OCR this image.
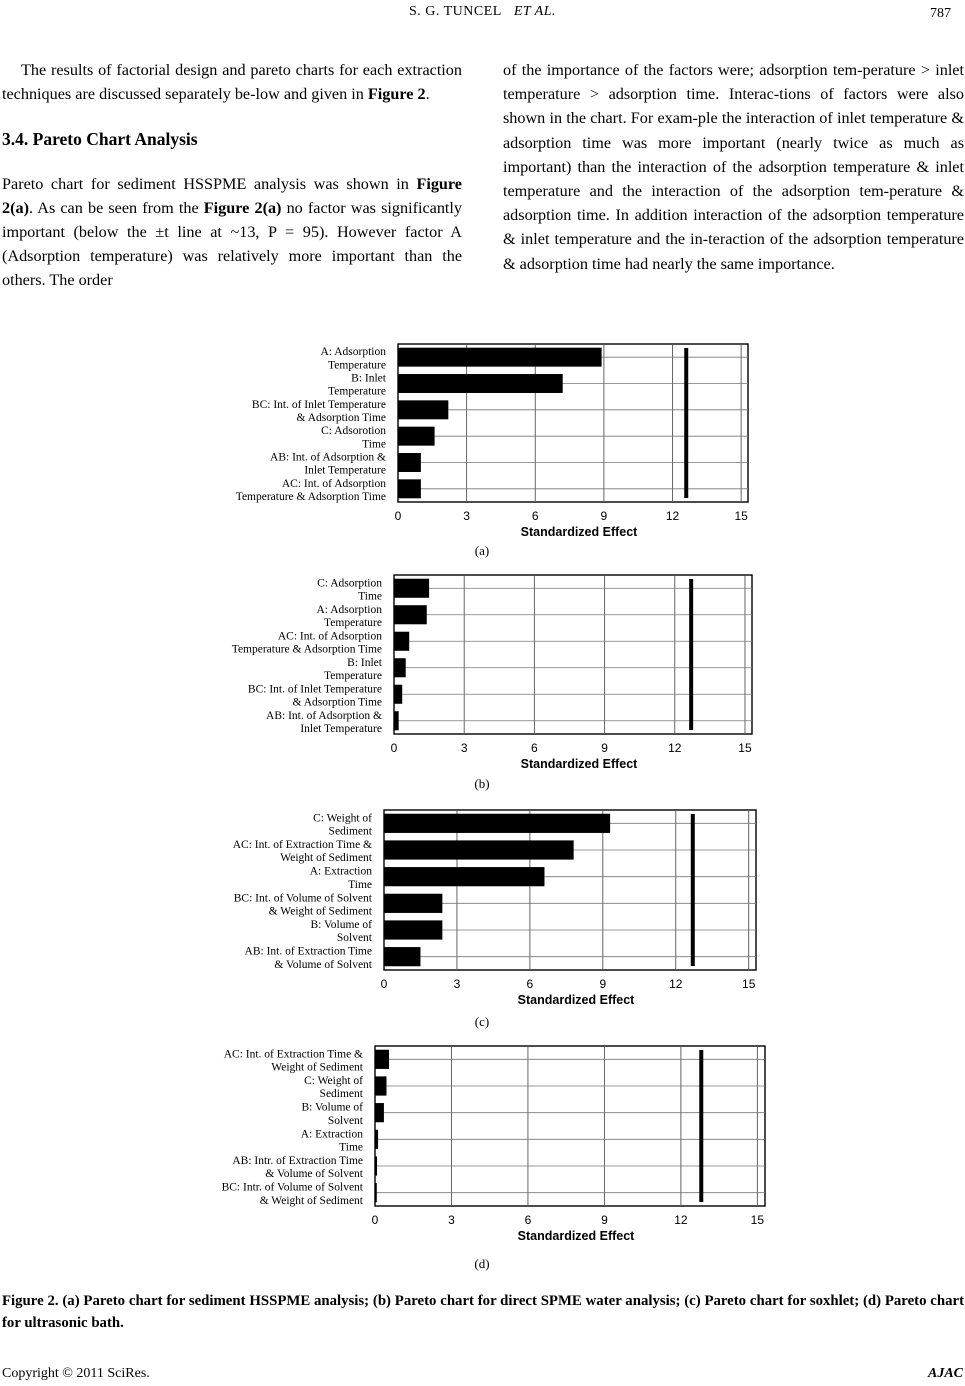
S. G. TUNCEL ET AL.	787

The results of factorial design and pareto charts for each extraction techniques are discussed separately be-low and given in Figure 2.

3.4. Pareto Chart Analysis

Pareto chart for sediment HSSPME analysis was shown in Figure 2(a). As can be seen from the Figure 2(a) no factor was significantly important (below the ±t line at ~13, P = 95). However factor A (Adsorption temperature) was relatively more important than the others. The order

of the importance of the factors were; adsorption tem-perature > inlet temperature > adsorption time. Interac-tions of factors were also shown in the chart. For exam-ple the interaction of inlet temperature & adsorption time was more important (nearly twice as much as important) than the interaction of the adsorption temperature & inlet temperature and the interaction of the adsorption tem-perature & adsorption time. In addition interaction of the adsorption temperature & inlet temperature and the in-teraction of the adsorption temperature & adsorption time had nearly the same importance.

A: Adsorption Temperature
B: Inlet Temperature
BC: Int. of Inlet Temperature & Adsorption Time
C: Adsorotion Time
AB: Int. of Adsorption & Inlet Temperature
AC: Int. of Adsorption Temperature & Adsorption Time
0	3	6	9	12	15
Standardized Effect
(a)
C: Adsorption Time
A: Adsorption Temperature
AC: Int. of Adsorption Temperature & Adsorption Time
B: Inlet Temperature
BC: Int. of Inlet Temperature & Adsorption Time
AB: Int. of Adsorption & Inlet Temperature
0	3	6	9	12	15
Standardized Effect
(b)
C: Weight of Sediment
AC: Int. of Extraction Time & Weight of Sediment
A: Extraction Time
BC: Int. of Volume of Solvent & Weight of Sediment
B: Volume of Solvent
AB: Int. of Extraction Time & Volume of Solvent
0	3	6	9	12	15
Standardized Effect
(c)
AC: Int. of Extraction Time & Weight of Sediment
C: Weight of Sediment
B: Volume of Solvent
A: Extraction Time
AB: Intr. of Extraction Time & Volume of Solvent
BC: Intr. of Volume of Solvent & Weight of Sediment
0	3	6	9	12	15
Standardized Effect
(d)
Figure 2. (a) Pareto chart for sediment HSSPME analysis; (b) Pareto chart for direct SPME water analysis; (c) Pareto chart for soxhlet; (d) Pareto chart for ultrasonic bath.
Copyright © 2011 SciRes.	AJAC
